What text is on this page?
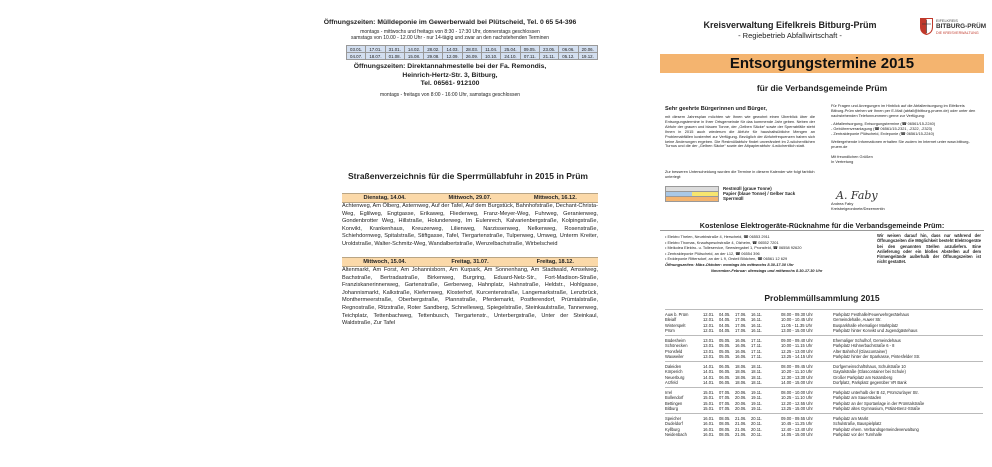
Öffnungszeiten: Mülldeponie im Gewerberwald bei Plütscheid, Tel. 0 65 54-396
montags - mittwochs und freitags von 8:30 - 17:30 Uhr, donnerstags geschlossen
samstags von 10.00 - 12.00 Uhr - nur 14-tägig und zwar an den nachstehenden Terminen
03.01.	17.01.	31.01.	14.02.	28.02.	14.03.	28.03.	11.04.	25.04.	09.05.	23.05.	06.06.	20.06.
04.07.	18.07.	01.08.	15.08.	29.08.	12.09.	26.09.	10.10.	24.10.	07.11.	21.11.	05.12.	19.12.
Öffnungszeiten: Direktannahmestelle bei der Fa. Remondis,
Heinrich-Hertz-Str. 3, Bitburg,
Tel. 06561- 912100
montags - freitags von 8:00 - 16:00 Uhr, samstags geschlossen
Straßenverzeichnis für die Sperrmüllabfuhr in 2015 in Prüm
Dienstag, 14.04.	Mittwoch, 29.07.	Mittwoch, 16.12.
Achtenweg, Am Ölberg, Asternweg, Auf der Tafel, Auf dem Burgstück, Bahnhofstraße, Dechant-Christa-Weg, Eglilweg, Engtgasse, Erikaweg, Fliederweg, Franz-Meyer-Weg, Fuhrweg, Geranienweg, Gondenbrotter Weg, Hillstraße, Holunderweg, Im Eulenrech, Kalvarienbergstraße, Kolpingstraße, Konvikt, Krankenhaus, Kreuzerweg, Lilienweg, Narzissenweg, Nelkenweg, Rosenstraße, Schiehdornweg, Spitalstraße, Stiftgasse, Tafel, Tiergartenstraße, Tulpenweg, Umweg, Unterm Kreiter, Uroldstraße, Walter-Schmitz-Weg, Wandalbertstraße, Wenzelbachstraße, Wirbelscheid
Mittwoch, 15.04.	Freitag, 31.07.	Freitag, 18.12.
Altenmarkt, Am Forst, Am Johannisborn, Am Kurpark, Am Sonnenhang, Am Stadtwald, Amselweg, Bachstraße, Bertradastraße, Birkenweg, Burgring, Eduard-Nelz-Str., Fort-Madison-Straße, Franziskanerinnenweg, Gartenstraße, Gerberweg, Hahnplatz, Hahnstraße, Heldstr., Hohlgasse, Johannismarkt, Kalkstraße, Kiefernweg, Klosterhof, Kurcentenstraße, Langemarkstraße, Lenzbrück, Monthermeerstraße, Oberbergstraße, Plannstraße, Pferdemarkt, Postferendorf, Prümtalstraße, Regnostraße, Ritzstraße, Roter Sandberg, Schnelleweg, Spiegelstraße, Steinkaulstraße, Tannenweg, Teichplatz, Tettenbachweg, Tettenbusch, Tiergartenstr., Unterbergstraße, Unter der Steinkaul, Waldstraße, Zur Tafel
Kreisverwaltung Eifelkreis Bitburg-Prüm
- Regiebetrieb Abfallwirtschaft -
EIFELKREIS
BITBURG-PRÜM
DIE KREISVERWALTUNG
Entsorgungstermine 2015
für die Verbandsgemeinde Prüm
Sehr geehrte Bürgerinnen und Bürger,
mit diesem Jahresplan möchten wir Ihnen wie gewohnt einen Überblick über die Entsorgungstermine in Ihrer Ortsgemeinde für das kommende Jahr geben. Neben der Abfuhr der grauen und blauen Tonne, der „Gelben Säcke“ sowie der Sperrabfälle steht Ihnen in 2015 auch wiederum die Abfuhr für haushaltsübliche Mengen an Problemabfällen kostenfrei zur Verfügung. Bezüglich der Abfuhrfrequenzen haben sich keine Änderungen ergeben. Die Restmüllabfuhr findet unverändert im 2-wöchentlichen Turnus und die der „Gelben Säcke“ sowie der Altpapierabfuhr 4-wöchentlich statt.
Zur besseren Unterscheidung wurden die Termine in diesem Kalender wie folgt farblich unterlegt:
Restmüll (graue Tonne)
Papier (blaue Tonne) / Gelber Sack
Sperrmüll
Für Fragen und Anregungen im Hinblick auf die Abfallentsorgung im Eifelkreis Bitburg-Prüm stehen wir Ihnen per E-Mail (abfall@bitburg-pruem.de) oder unter den nachstehenden Telefonnummern gerne zur Verfügung:
- Abfallentsorgung, Entsorgungstermine (☎ 06561/15-2240)
- Gebührenveranlagung (☎ 06561/15-2321, -2322, -2323)
- Zentraldeponie Plütscheid, Erdeponie (☎ 06561/15-2240)
Weitergehende Informationen erhalten Sie zudem im Internet unter www.bitburg-pruem.de
Mit freundlichen Grüßen
In Vertretung
A. Faby
Andrea Faby
Kreisbeigeordnete/Dezernentin
Kostenlose Elektrogeräte-Rücknahme für die Verbandsgemeinde Prüm:
• Elektro Thelen, Neurbbstraße 4, Herscheid, ☎ 06553 2911
• Elektro Thomas, Knaufspeschstraße 4, Olzheim, ☎ 06552 7201
• Meikolea Elektro- u. Tolleservice, Seewiergabel 1, Pronsfeld, ☎ 06558 92620
• Zentraldeponie Plütscheid, an der L12, ☎ 06554 396
• Erddeponie Rittersdorf, an der L 9, Orsteil Bildchen, ☎ 06561 12 629
Öffnungszeiten: März-Oktober: montags bis mittwochs 8.30-17.30 Uhr
November-Februar: dienstags und mittwochs 8.30-17.30 Uhr
Wir weisen darauf hin, dass nur während der Öffnungszeiten die Möglichkeit besteht Elektrogeräte bei den genannten Stellen anzuliefern. Eine Anlieferung oder ein bloßes Abstellen auf dem Firmengelände außerhalb der Öffnungszeiten ist nicht gestattet.
Problemmüllsammlung 2015
Auw b. Prüm	12.01.	04.05.	17.06.	16.11.	08.00 - 09.30 Uhr	Parkplatz Festhalle/Feuerwehrgerätehaus
Bleialf	12.01.	04.05.	17.06.	16.11.	10.00 - 10.45 Uhr	Gemeindehalle, Auwer Str.
Winterspelt	12.01.	04.05.	17.06.	16.11.	11.05 - 11.35 Uhr	Busparkhalle ehemaliger Marktplatz
Prüm	12.01.	04.05.	17.06.	16.11.	13.00 - 15.00 Uhr	Parkplatz hinter Konvikt und Jugendgästehaus
Büdesheim	13.01.	05.05.	16.06.	17.11.	09.00 - 09.40 Uhr	Ehemaliger Schulhof, Gemeindehaus
Schönecken	13.01.	05.05.	16.06.	17.11.	10.00 - 11.15 Uhr	Parkplatz Hühnerbachstraße 6 - 8
Pronsfeld	13.01.	05.05.	16.06.	17.11.	12.25 - 13.00 Uhr	Alter Bahnhof (Glascontainer)
Waxweiler	13.01.	05.05.	16.06.	17.11.	13.25 - 14.15 Uhr	Parkplatz hinter der Sparkasse, Pintesfelder Str.
Daleiden	14.01.	06.05.	18.06.	18.11.	08.00 - 09.45 Uhr	Dorfgemeinschaftshaus, Schulstraße 10
Körperich	14.01.	06.05.	18.06.	18.11.	10.20 - 11.10 Uhr	Gaytalstraße (Glascontainer bei Schule)
Neuerburg	14.01.	06.05.	18.06.	18.11.	12.30 - 13.30 Uhr	Großer Parkplatz am Notarsberg
Arzfeld	14.01.	06.05.	18.06.	18.11.	14.00 - 15.00 Uhr	Dorfplatz, Parkplatz gegenüber VR Bank
Irrel	15.01.	07.05.	20.06.	19.11.	08.00 - 10.00 Uhr	Parkplatz unterhalb der B 42, Prümzurlayer Str.
Bollendorf	15.01.	07.05.	20.06.	19.11.	10.25 - 11.10 Uhr	Parkplatz am Sauerstaden
Bettingen	15.01.	07.05.	20.06.	19.11.	12.20 - 12.55 Uhr	Parkplatz an der Sportanlage in der Prümtalstraße
Bitburg	15.01.	07.05.	20.06.	19.11.	13.25 - 15.00 Uhr	Parkplatz altes Gymnasium, Prälat-Benz-Straße
Speicher	16.01.	08.05.	21.06.	20.11.	09.00 - 09.55 Uhr	Parkplatz am Markt
Dudeldorf	16.01.	08.05.	21.06.	20.11.	10.45 - 11.25 Uhr	Schulstraße, Bauspielplatz
Kyllburg	16.01.	08.05.	21.06.	20.11.	12.40 - 13.40 Uhr	Parkplatz ehem. Verbandsgemeindeverwaltung
Neidenbach	16.01.	08.05.	21.06.	20.11.	14.05 - 15.00 Uhr	Parkplatz vor der Turnhalle
